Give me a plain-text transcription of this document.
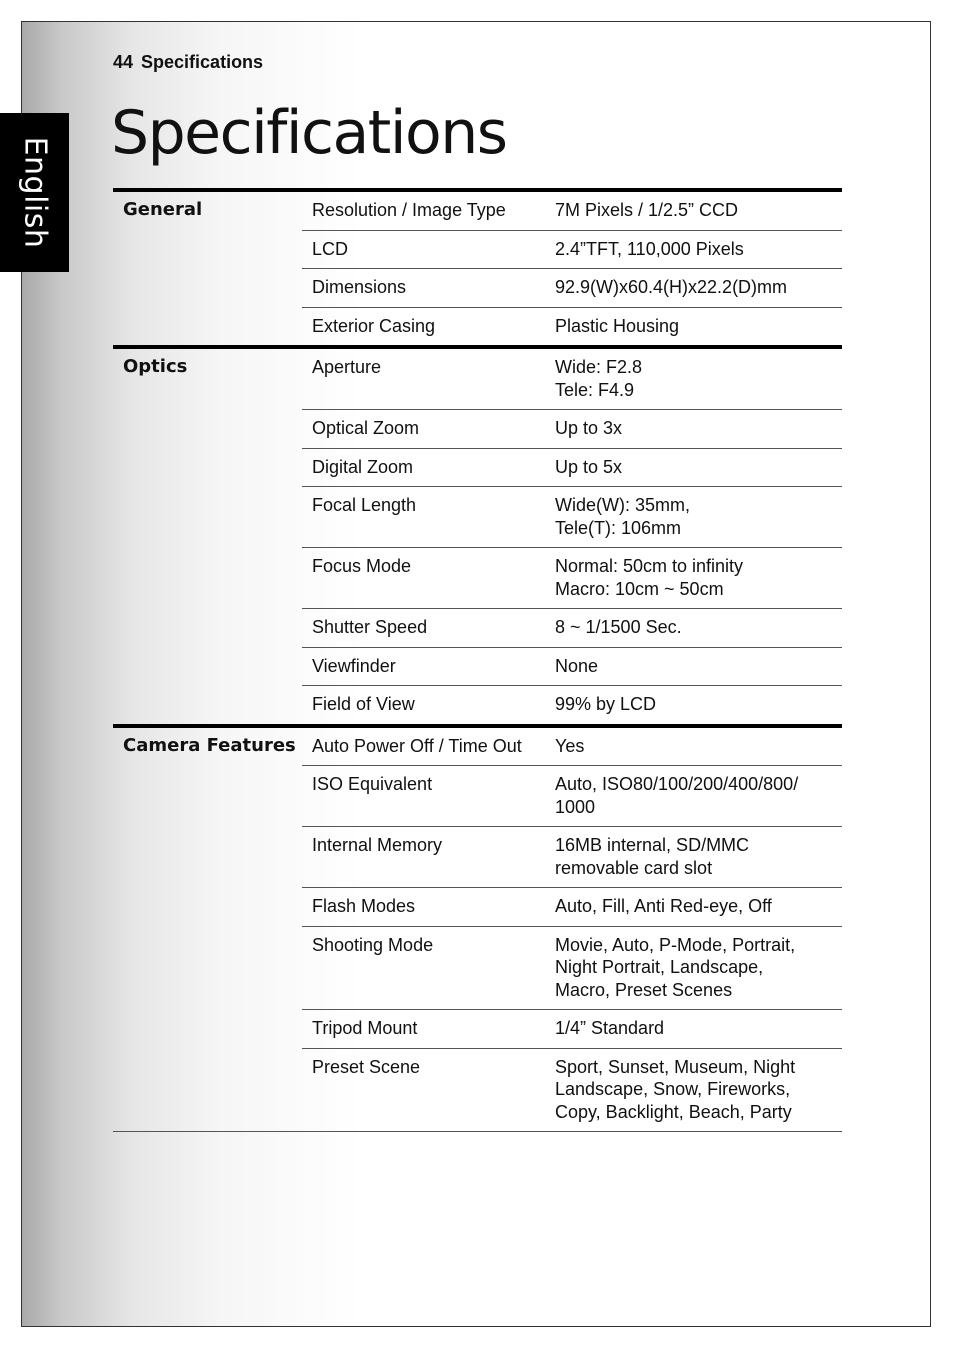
English
44 Specifications
Specifications
General	Resolution / Image Type	7M Pixels / 1/2.5” CCD

	LCD	2.4”TFT, 110,000 Pixels

	Dimensions	92.9(W)x60.4(H)x22.2(D)mm

	Exterior Casing	Plastic Housing

Optics	Aperture	Wide: F2.8
Tele: F4.9

	Optical Zoom	Up to 3x

	Digital Zoom	Up to 5x

	Focal Length	Wide(W): 35mm,
Tele(T): 106mm

	Focus Mode	Normal: 50cm to infinity
Macro: 10cm ~ 50cm

	Shutter Speed	8 ~ 1/1500 Sec.

	Viewfinder	None

	Field of View	99% by LCD

Camera Features	Auto Power Off / Time Out	Yes

	ISO Equivalent	Auto, ISO80/100/200/400/800/
1000

	Internal Memory	16MB internal, SD/MMC
removable card slot

	Flash Modes	Auto, Fill, Anti Red-eye, Off

	Shooting Mode	Movie, Auto, P-Mode, Portrait,
Night Portrait, Landscape,
Macro, Preset Scenes

	Tripod Mount	1/4” Standard

	Preset Scene	Sport, Sunset, Museum, Night
Landscape, Snow, Fireworks,
Copy, Backlight, Beach, Party
